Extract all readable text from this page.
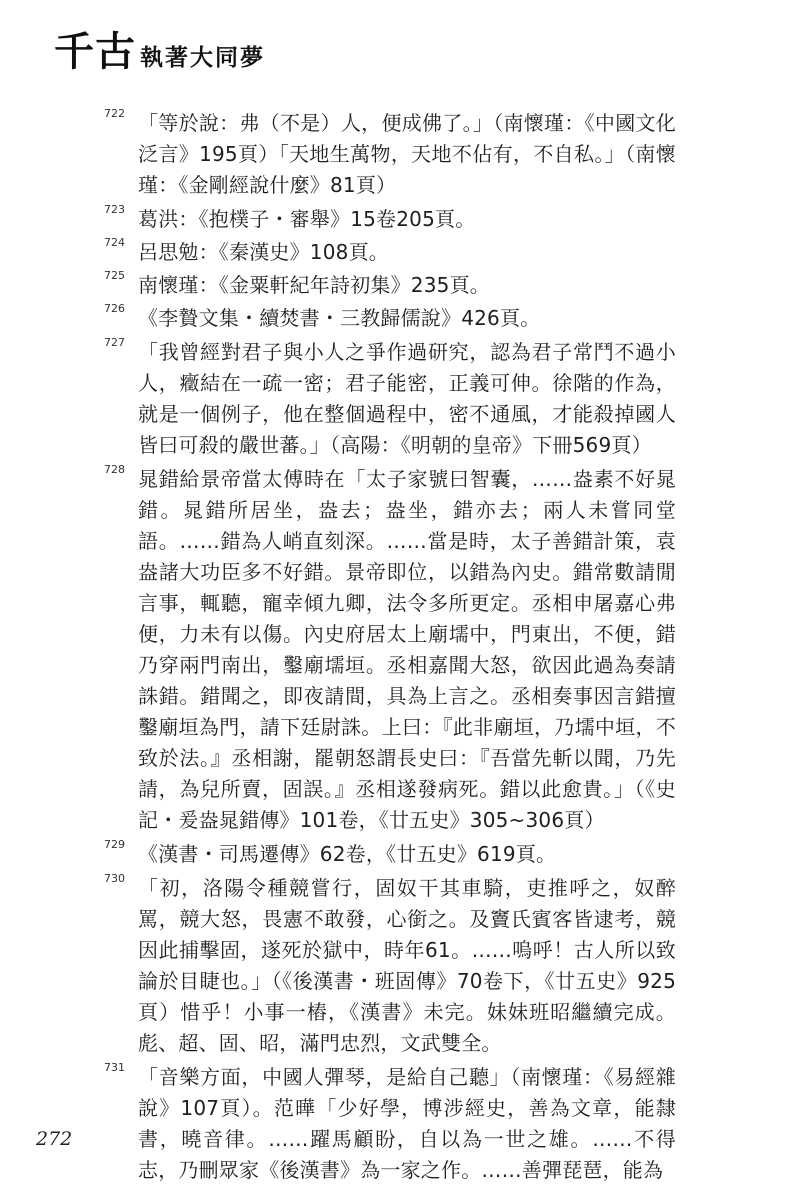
千古 執著大同夢
722 「等於說：弗（不是）人，便成佛了。」（南懷瑾：《中國文化泛言》195頁）「天地生萬物，天地不佔有，不自私。」（南懷瑾：《金剛經說什麼》81頁）
723 葛洪：《抱樸子・審舉》15卷205頁。
724 呂思勉：《秦漢史》108頁。
725 南懷瑾：《金粟軒紀年詩初集》235頁。
726 《李贄文集・續焚書・三教歸儒說》426頁。
727 「我曾經對君子與小人之爭作過研究，認為君子常鬥不過小人，癥結在一疏一密；君子能密，正義可伸。徐階的作為，就是一個例子，他在整個過程中，密不通風，才能殺掉國人皆曰可殺的嚴世蕃。」（高陽：《明朝的皇帝》下冊569頁）
728 晁錯給景帝當太傅時在「太子家號曰智囊，……盎素不好晁錯。晁錯所居坐，盎去；盎坐，錯亦去；兩人未嘗同堂語。……錯為人峭直刻深。……當是時，太子善錯計策，袁盎諸大功臣多不好錯。景帝即位，以錯為內史。錯常數請閒言事，輒聽，寵幸傾九卿，法令多所更定。丞相申屠嘉心弗便，力未有以傷。內史府居太上廟壖中，門東出，不便，錯乃穿兩門南出，鑿廟壖垣。丞相嘉聞大怒，欲因此過為奏請誅錯。錯聞之，即夜請間，具為上言之。丞相奏事因言錯擅鑿廟垣為門，請下廷尉誅。上曰：『此非廟垣，乃壖中垣，不致於法。』丞相謝，罷朝怒謂長史曰：『吾當先斬以聞，乃先請，為兒所賣，固誤。』丞相遂發病死。錯以此愈貴。」（《史記・爰盎晁錯傳》101卷，《廿五史》305~306頁）
729 《漢書・司馬遷傳》62卷，《廿五史》619頁。
730 「初，洛陽令種競嘗行，固奴干其車騎，吏推呼之，奴醉罵，競大怒，畏憲不敢發，心銜之。及竇氏賓客皆逮考，競因此捕擊固，遂死於獄中，時年61。……嗚呼！古人所以致論於目睫也。」（《後漢書・班固傳》70卷下，《廿五史》925頁）惜乎！小事一樁，《漢書》未完。妹妹班昭繼續完成。彪、超、固、昭，滿門忠烈，文武雙全。
731 「音樂方面，中國人彈琴，是給自己聽」（南懷瑾：《易經雜說》107頁）。范曄「少好學，博涉經史，善為文章，能隸書，曉音律。……躍馬顧盼，自以為一世之雄。……不得志，乃刪眾家《後漢書》為一家之作。……善彈琵琶，能為
272
